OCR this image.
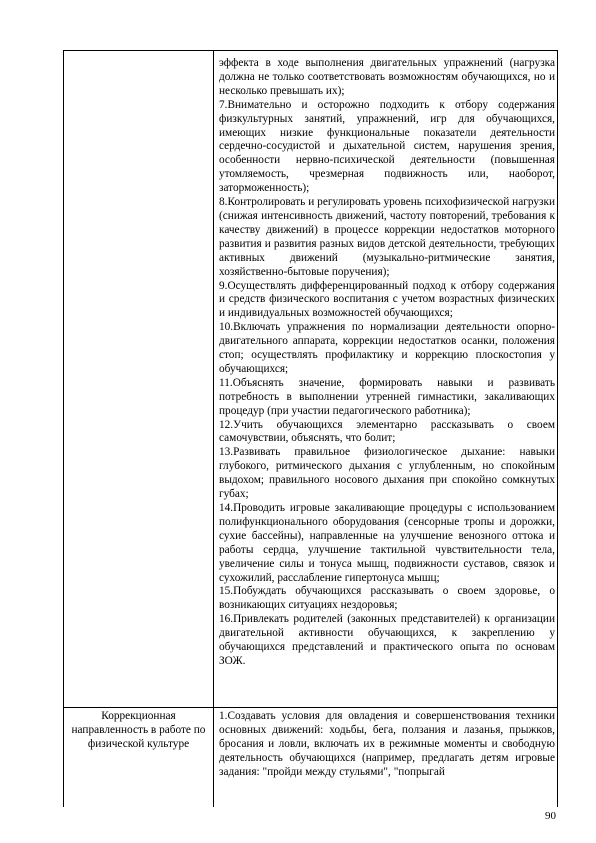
эффекта в ходе выполнения двигательных упражнений (нагрузка должна не только соответствовать возможностям обучающихся, но и несколько превышать их);

7.Внимательно и осторожно подходить к отбору содержания физкультурных занятий, упражнений, игр для обучающихся, имеющих низкие функциональные показатели деятельности сердечно-сосудистой и дыхательной систем, нарушения зрения, особенности нервно-психической деятельности (повышенная утомляемость, чрезмерная подвижность или, наоборот, заторможенность);

8.Контролировать и регулировать уровень психофизической нагрузки (снижая интенсивность движений, частоту повторений, требования к качеству движений) в процессе коррекции недостатков моторного развития и развития разных видов детской деятельности, требующих активных движений (музыкально-ритмические занятия, хозяйственно-бытовые поручения);

9.Осуществлять дифференцированный подход к отбору содержания и средств физического воспитания с учетом возрастных физических и индивидуальных возможностей обучающихся;

10.Включать упражнения по нормализации деятельности опорно-двигательного аппарата, коррекции недостатков осанки, положения стоп; осуществлять профилактику и коррекцию плоскостопия у обучающихся;

11.Объяснять значение, формировать навыки и развивать потребность в выполнении утренней гимнастики, закаливающих процедур (при участии педагогического работника);

12.Учить обучающихся элементарно рассказывать о своем самочувствии, объяснять, что болит;

13.Развивать правильное физиологическое дыхание: навыки глубокого, ритмического дыхания с углубленным, но спокойным выдохом; правильного носового дыхания при спокойно сомкнутых губах;

14.Проводить игровые закаливающие процедуры с использованием полифункционального оборудования (сенсорные тропы и дорожки, сухие бассейны), направленные на улучшение венозного оттока и работы сердца, улучшение тактильной чувствительности тела, увеличение силы и тонуса мышц, подвижности суставов, связок и сухожилий, расслабление гипертонуса мышц;

15.Побуждать обучающихся рассказывать о своем здоровье, о возникающих ситуациях нездоровья;

16.Привлекать родителей (законных представителей) к организации двигательной активности обучающихся, к закреплению у обучающихся представлений и практического опыта по основам ЗОЖ.

Коррекционная направленность в работе по физической культуре

1.Создавать условия для овладения и совершенствования техники основных движений: ходьбы, бега, ползания и лазанья, прыжков, бросания и ловли, включать их в режимные моменты и свободную деятельность обучающихся (например, предлагать детям игровые задания: "пройди между стульями", "попрыгай

90
